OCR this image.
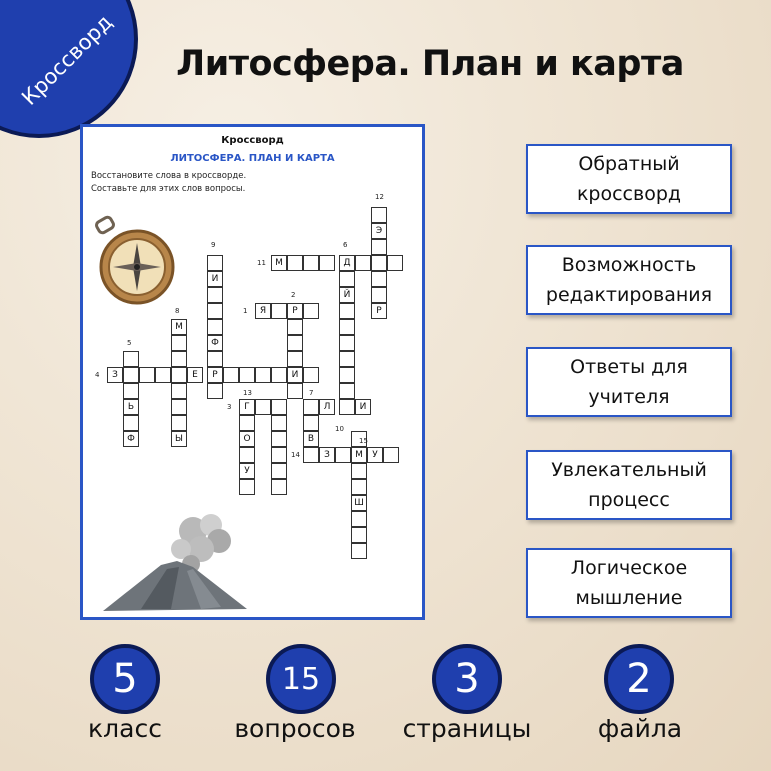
Кроссворд	Литосфера. План и карта
Кроссворд
ЛИТОСФЕРА. ПЛАН И КАРТА
Восстановите слова в кроссворде.
Составьте для этих слов вопросы.
Э
Р
М	Д
Й
И
Ф
Я	Р
М
Ы
З	Е	Р	И
Ь
Ф
Г	Л	И
О
У
В
З	М	У
Ш
1
2
3
4
5
6
7
8
9
10
11
12
13
14
15
Обратный
кроссворд
Возможность
редактирования
Ответы для
учителя
Увлекательный
процесс
Логическое
мышление
5	15	3	2
класс	вопросов	страницы	файла
